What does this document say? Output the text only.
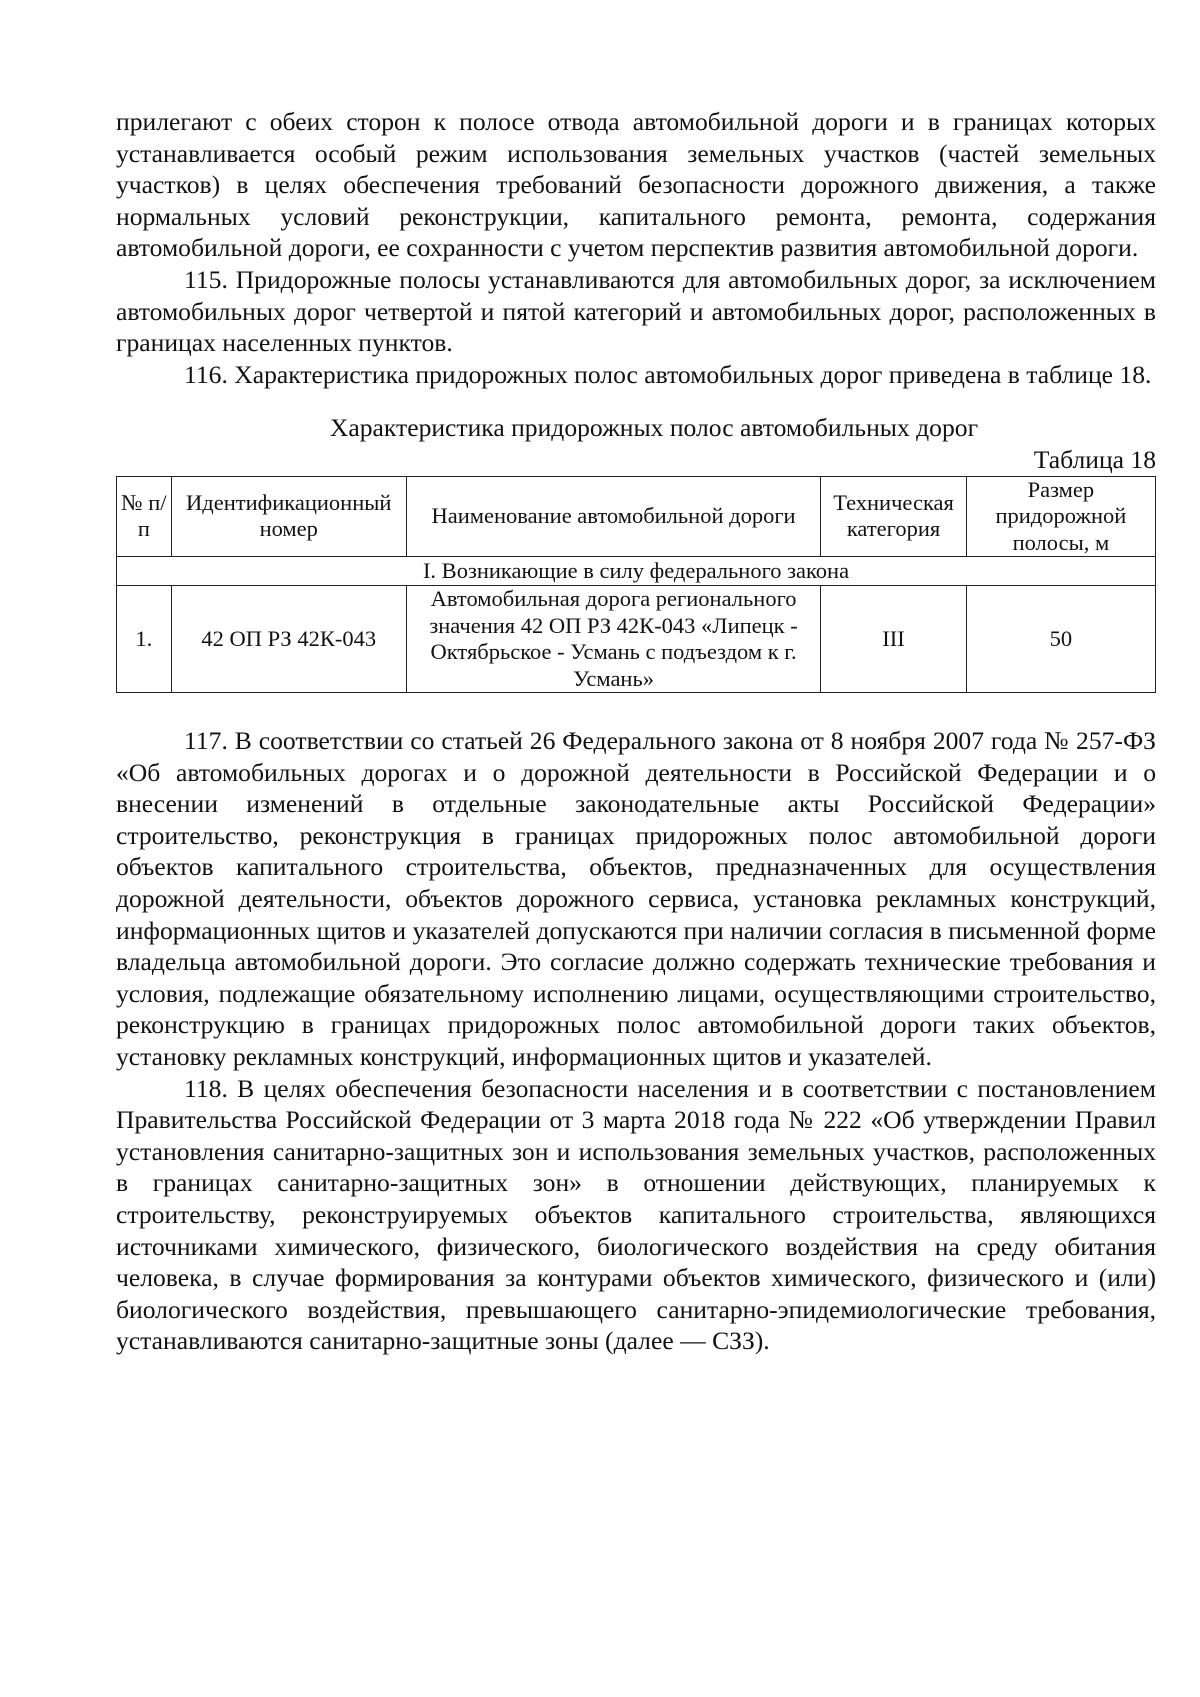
прилегают с обеих сторон к полосе отвода автомобильной дороги и в границах которых устанавливается особый режим использования земельных участков (частей земельных участков) в целях обеспечения требований безопасности дорожного движения, а также нормальных условий реконструкции, капитального ремонта, ремонта, содержания автомобильной дороги, ее сохранности с учетом перспектив развития автомобильной дороги.

115. Придорожные полосы устанавливаются для автомобильных дорог, за исключением автомобильных дорог четвертой и пятой категорий и автомобильных дорог, расположенных в границах населенных пунктов.

116. Характеристика придорожных полос автомобильных дорог приведена в таблице 18.

Характеристика придорожных полос автомобильных дорог
Таблица 18
№ п/п	Идентификационный номер	Наименование автомобильной дороги	Техническая категория	Размер придорожной полосы, м
I. Возникающие в силу федерального закона				
1.	42 ОП РЗ 42К-043	Автомобильная дорога регионального значения 42 ОП РЗ 42К-043 «Липецк - Октябрьское - Усмань с подъездом к г. Усмань»	III	50

117. В соответствии со статьей 26 Федерального закона от 8 ноября 2007 года № 257-ФЗ «Об автомобильных дорогах и о дорожной деятельности в Российской Федерации и о внесении изменений в отдельные законодательные акты Российской Федерации» строительство, реконструкция в границах придорожных полос автомобильной дороги объектов капитального строительства, объектов, предназначенных для осуществления дорожной деятельности, объектов дорожного сервиса, установка рекламных конструкций, информационных щитов и указателей допускаются при наличии согласия в письменной форме владельца автомобильной дороги. Это согласие должно содержать технические требования и условия, подлежащие обязательному исполнению лицами, осуществляющими строительство, реконструкцию в границах придорожных полос автомобильной дороги таких объектов, установку рекламных конструкций, информационных щитов и указателей.

118. В целях обеспечения безопасности населения и в соответствии с постановлением Правительства Российской Федерации от 3 марта 2018 года № 222 «Об утверждении Правил установления санитарно-защитных зон и использования земельных участков, расположенных в границах санитарно-защитных зон» в отношении действующих, планируемых к строительству, реконструируемых объектов капитального строительства, являющихся источниками химического, физического, биологического воздействия на среду обитания человека, в случае формирования за контурами объектов химического, физического и (или) биологического воздействия, превышающего санитарно-эпидемиологические требования, устанавливаются санитарно-защитные зоны (далее — СЗЗ).
